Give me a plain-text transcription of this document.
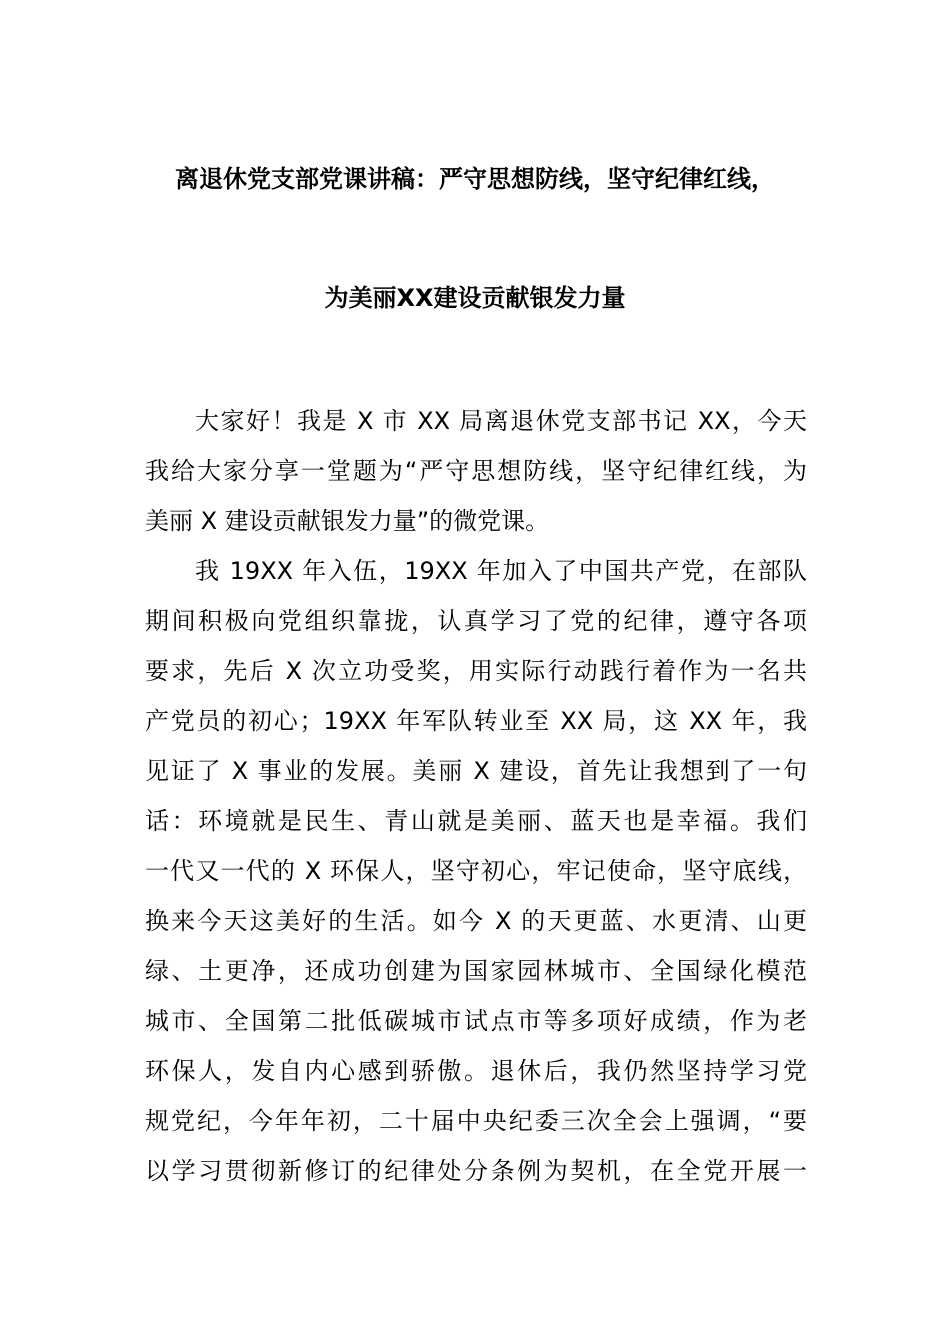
离退休党支部党课讲稿：严守思想防线，坚守纪律红线，
为美丽XX建设贡献银发力量
大家好！我是 X 市 XX 局离退休党支部书记 XX，今天
我给大家分享一堂题为“严守思想防线，坚守纪律红线，为
美丽 X 建设贡献银发力量”的微党课。
我 19XX 年入伍，19XX 年加入了中国共产党，在部队
期间积极向党组织靠拢，认真学习了党的纪律，遵守各项
要求，先后 X 次立功受奖，用实际行动践行着作为一名共
产党员的初心；19XX 年军队转业至 XX 局，这 XX 年，我
见证了 X 事业的发展。美丽 X 建设，首先让我想到了一句
话：环境就是民生、青山就是美丽、蓝天也是幸福。我们
一代又一代的 X 环保人，坚守初心，牢记使命，坚守底线，
换来今天这美好的生活。如今 X 的天更蓝、水更清、山更
绿、土更净，还成功创建为国家园林城市、全国绿化模范
城市、全国第二批低碳城市试点市等多项好成绩，作为老
环保人，发自内心感到骄傲。退休后，我仍然坚持学习党
规党纪，今年年初，二十届中央纪委三次全会上强调，“要
以学习贯彻新修订的纪律处分条例为契机，在全党开展一
